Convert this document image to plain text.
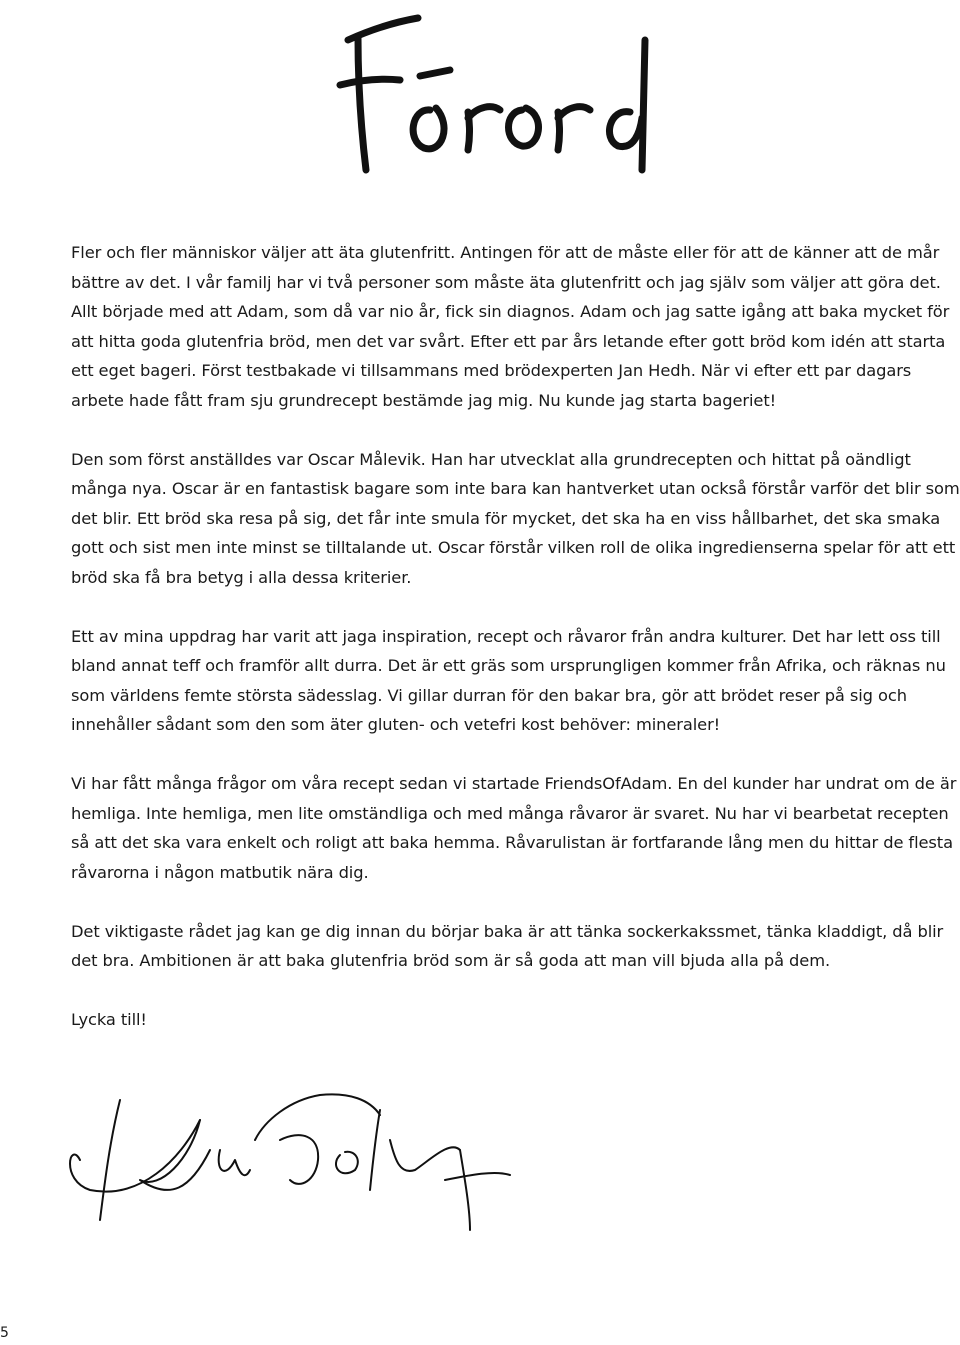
Fler och fler människor väljer att äta glutenfritt. Antingen för att de måste eller för att de känner att de mår bättre av det. I vår familj har vi två personer som måste äta glutenfritt och jag själv som väljer att göra det. Allt började med att Adam, som då var nio år, fick sin diagnos. Adam och jag satte igång att baka mycket för att hitta goda glutenfria bröd, men det var svårt. Efter ett par års letande efter gott bröd kom idén att starta ett eget bageri. Först testbakade vi tillsammans med brödexperten Jan Hedh. När vi efter ett par dagars arbete hade fått fram sju grundrecept bestämde jag mig. Nu kunde jag starta bageriet!

Den som först anställdes var Oscar Målevik. Han har utvecklat alla grundrecepten och hittat på oändligt många nya. Oscar är en fantastisk bagare som inte bara kan hantverket utan också förstår varför det blir som det blir. Ett bröd ska resa på sig, det får inte smula för mycket, det ska ha en viss hållbarhet, det ska smaka gott och sist men inte minst se tilltalande ut. Oscar förstår vilken roll de olika ingredienserna spelar för att ett bröd ska få bra betyg i alla dessa kriterier.

Ett av mina uppdrag har varit att jaga inspiration, recept och råvaror från andra kulturer. Det har lett oss till bland annat teff och framför allt durra. Det är ett gräs som ursprungligen kommer från Afrika, och räknas nu som världens femte största sädesslag. Vi gillar durran för den bakar bra, gör att brödet reser på sig och innehåller sådant som den som äter gluten- och vetefri kost behöver: mineraler!

Vi har fått många frågor om våra recept sedan vi startade FriendsOfAdam. En del kunder har undrat om de är hemliga. Inte hemliga, men lite omständliga och med många råvaror är svaret. Nu har vi bearbetat recepten så att det ska vara enkelt och roligt att baka hemma. Råvarulistan är fortfarande lång men du hittar de flesta råvarorna i någon matbutik nära dig.

Det viktigaste rådet jag kan ge dig innan du börjar baka är att tänka sockerkakssmet, tänka kladdigt, då blir det bra. Ambitionen är att baka glutenfria bröd som är så goda att man vill bjuda alla på dem.

Lycka till!

5
